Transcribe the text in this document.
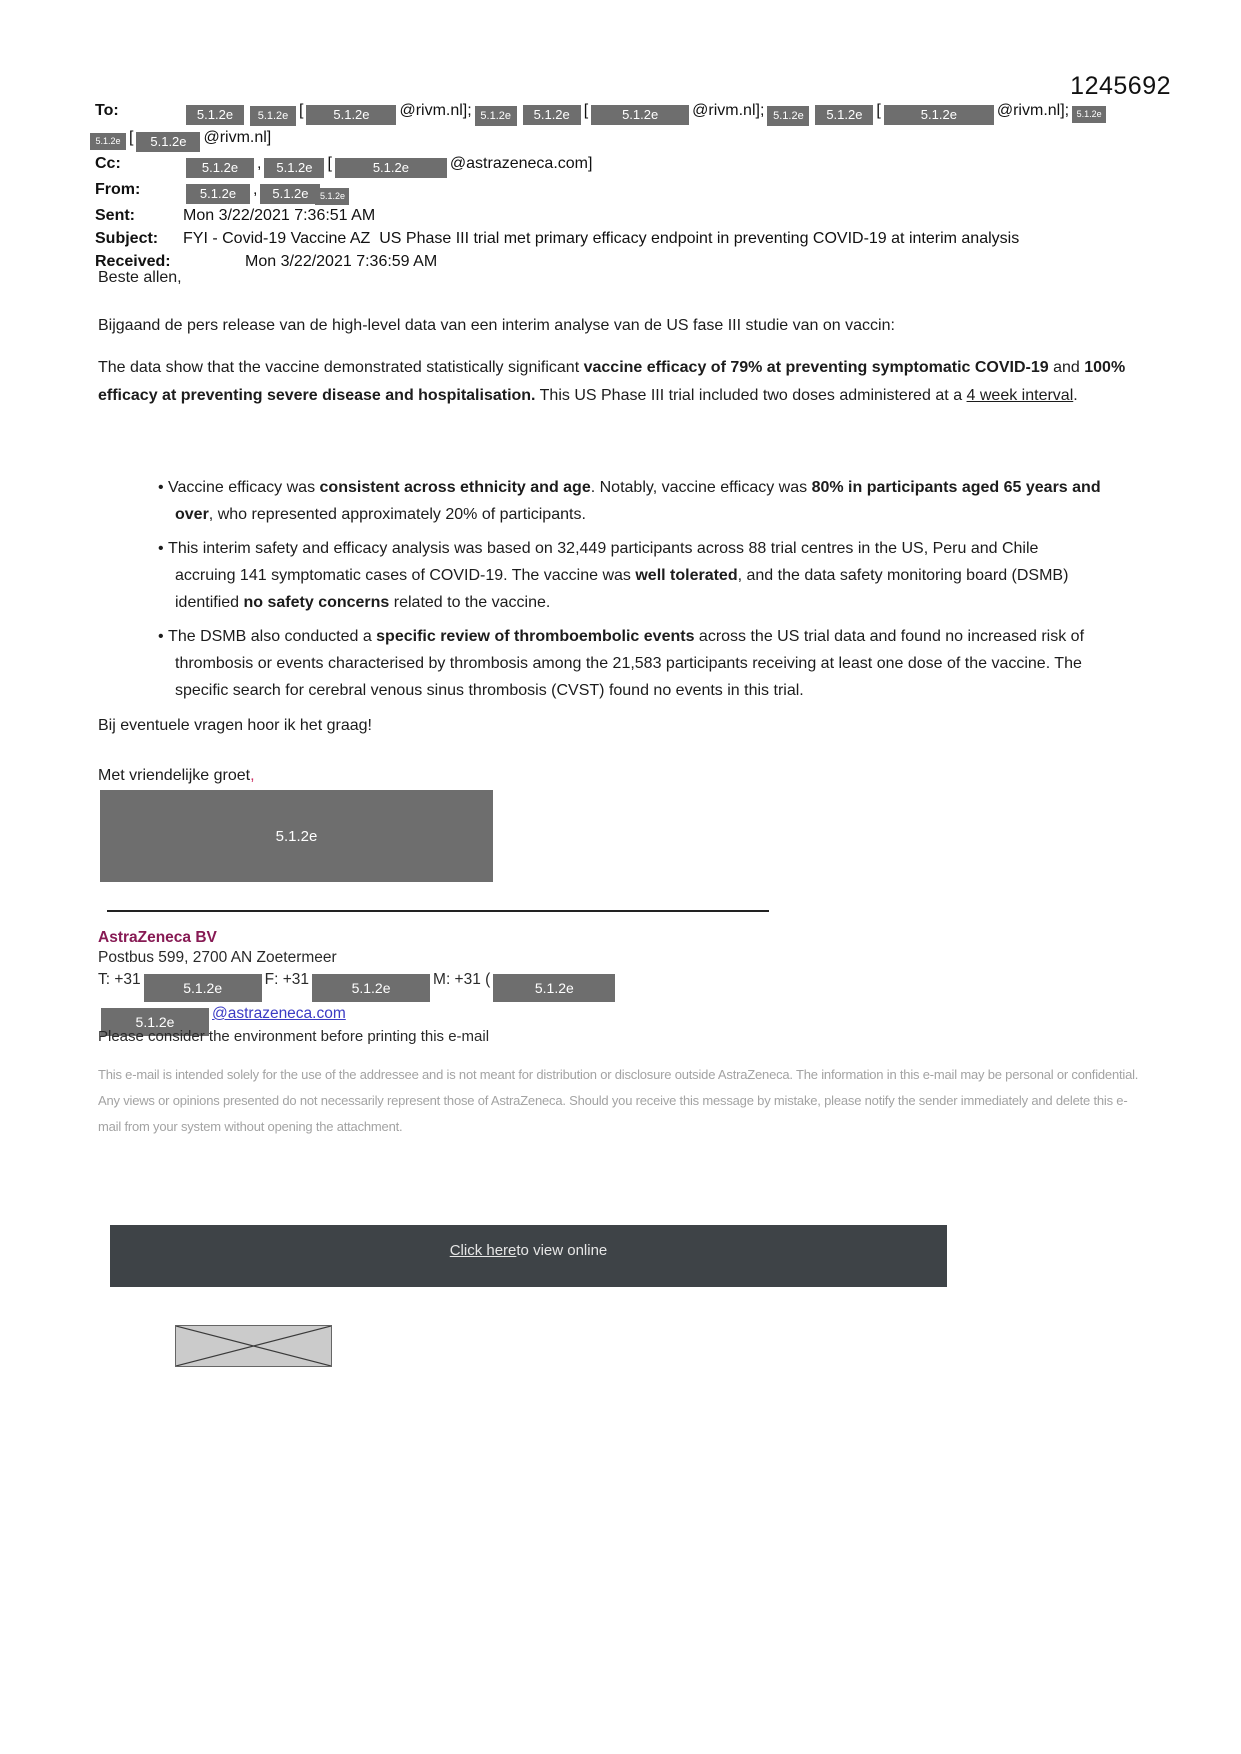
1245692
To:	5.1.2e 5.1.2e [ 5.1.2e @rivm.nl]; 5.1.2e 5.1.2e [	5.1.2e @rivm.nl]; 5.1.2e 5.1.2e [	5.1.2e @rivm.nl]; 5.1.2e
5.1.2e [ 5.1.2e @rivm.nl]
Cc:	5.1.2e , 5.1.2e [	5.1.2e	@astrazeneca.com]
From:	5.1.2e , 5.1.2e 5.1.2e
Sent:	Mon 3/22/2021 7:36:51 AM
Subject:	FYI - Covid-19 Vaccine AZ  US Phase III trial met primary efficacy endpoint in preventing COVID-19 at interim analysis
Received:	Mon 3/22/2021 7:36:59 AM

Beste allen,

Bijgaand de pers release van de high-level data van een interim analyse van de US fase III studie van on vaccin:

The data show that the vaccine demonstrated statistically significant vaccine efficacy of 79% at preventing symptomatic COVID-19 and 100% efficacy at preventing severe disease and hospitalisation. This US Phase III trial included two doses administered at a 4 week interval.

• Vaccine efficacy was consistent across ethnicity and age. Notably, vaccine efficacy was 80% in participants aged 65 years and over, who represented approximately 20% of participants.
• This interim safety and efficacy analysis was based on 32,449 participants across 88 trial centres in the US, Peru and Chile accruing 141 symptomatic cases of COVID-19. The vaccine was well tolerated, and the data safety monitoring board (DSMB) identified no safety concerns related to the vaccine.
• The DSMB also conducted a specific review of thromboembolic events across the US trial data and found no increased risk of thrombosis or events characterised by thrombosis among the 21,583 participants receiving at least one dose of the vaccine. The specific search for cerebral venous sinus thrombosis (CVST) found no events in this trial.

Bij eventuele vragen hoor ik het graag!

Met vriendelijke groet,

5.1.2e
AstraZeneca BV
Postbus 599, 2700 AN Zoetermeer
T: +31	5.1.2e	F: +31	5.1.2e	M: +31 (	5.1.2e
5.1.2e @astrazeneca.com
Please consider the environment before printing this e-mail
This e-mail is intended solely for the use of the addressee and is not meant for distribution or disclosure outside AstraZeneca. The information in this e-mail may be personal or confidential. Any views or opinions presented do not necessarily represent those of AstraZeneca. Should you receive this message by mistake, please notify the sender immediately and delete this e-mail from your system without opening the attachment.
Click here to view online
